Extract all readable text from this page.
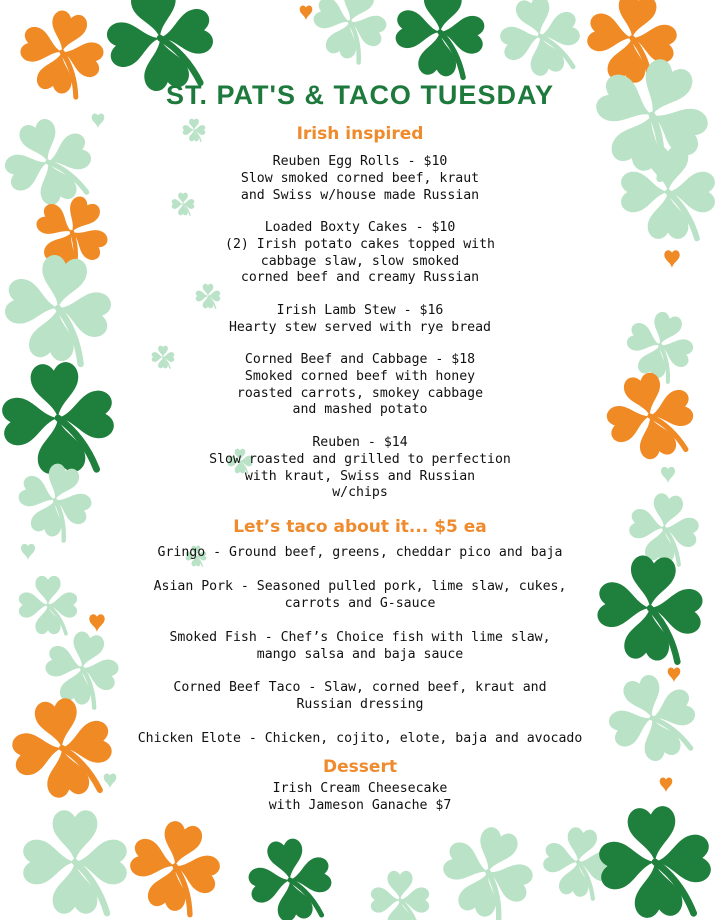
ST. PAT'S & TACO TUESDAY
Irish inspired
Reuben Egg Rolls - $10
Slow smoked corned beef, kraut
and Swiss w/house made Russian
Loaded Boxty Cakes - $10
(2) Irish potato cakes topped with
cabbage slaw, slow smoked
corned beef and creamy Russian
Irish Lamb Stew - $16
Hearty stew served with rye bread
Corned Beef and Cabbage - $18
Smoked corned beef with honey
roasted carrots, smokey cabbage
and mashed potato
Reuben - $14
Slow roasted and grilled to perfection
with kraut, Swiss and Russian
w/chips
Let’s taco about it... $5 ea
Gringo - Ground beef, greens, cheddar pico and baja
Asian Pork - Seasoned pulled pork, lime slaw, cukes,
carrots and G-sauce
Smoked Fish - Chef’s Choice fish with lime slaw,
mango salsa and baja sauce
Corned Beef Taco - Slaw, corned beef, kraut and
Russian dressing
Chicken Elote - Chicken, cojito, elote, baja and avocado
Dessert
Irish Cream Cheesecake
with Jameson Ganache $7
